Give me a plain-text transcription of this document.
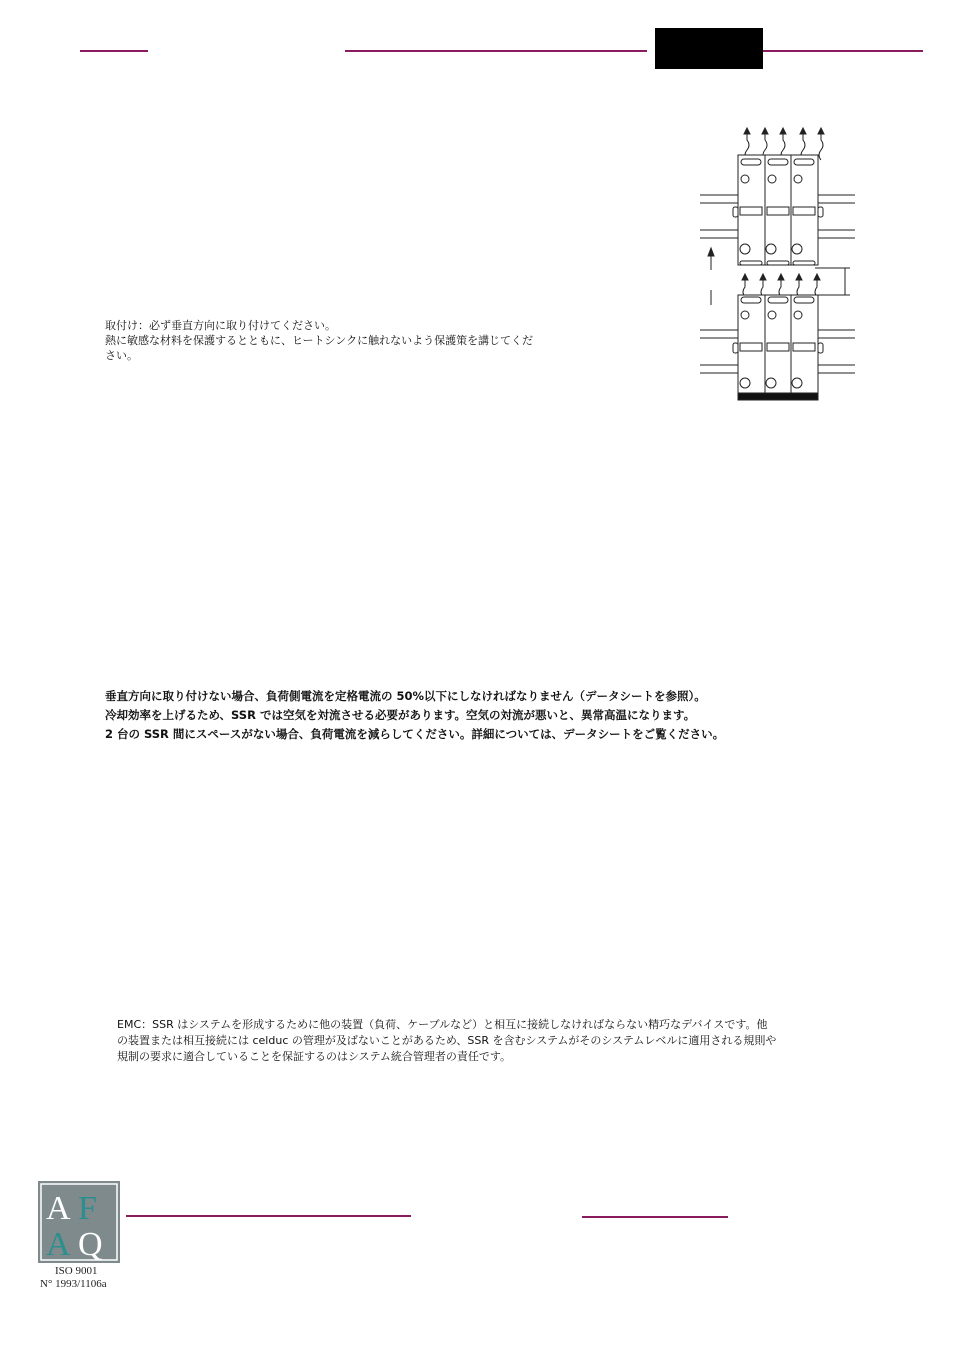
取付け：必ず垂直方向に取り付けてください。

熱に敏感な材料を保護するとともに、ヒートシンクに触れないよう保護策を講じてくだ

さい。

垂直方向に取り付けない場合、負荷側電流を定格電流の 50%以下にしなければなりません（データシートを参照）。

冷却効率を上げるため、SSR では空気を対流させる必要があります。空気の対流が悪いと、異常高温になります。

2 台の SSR 間にスペースがない場合、負荷電流を減らしてください。詳細については、データシートをご覧ください。

EMC：SSR はシステムを形成するために他の装置（負荷、ケーブルなど）と相互に接続しなければならない精巧なデバイスです。他

の装置または相互接続には celduc の管理が及ばないことがあるため、SSR を含むシステムがそのシステムレベルに適用される規則や

規制の要求に適合していることを保証するのはシステム統合管理者の責任です。

A F
A Q
ISO 9001
N° 1993/1106a
